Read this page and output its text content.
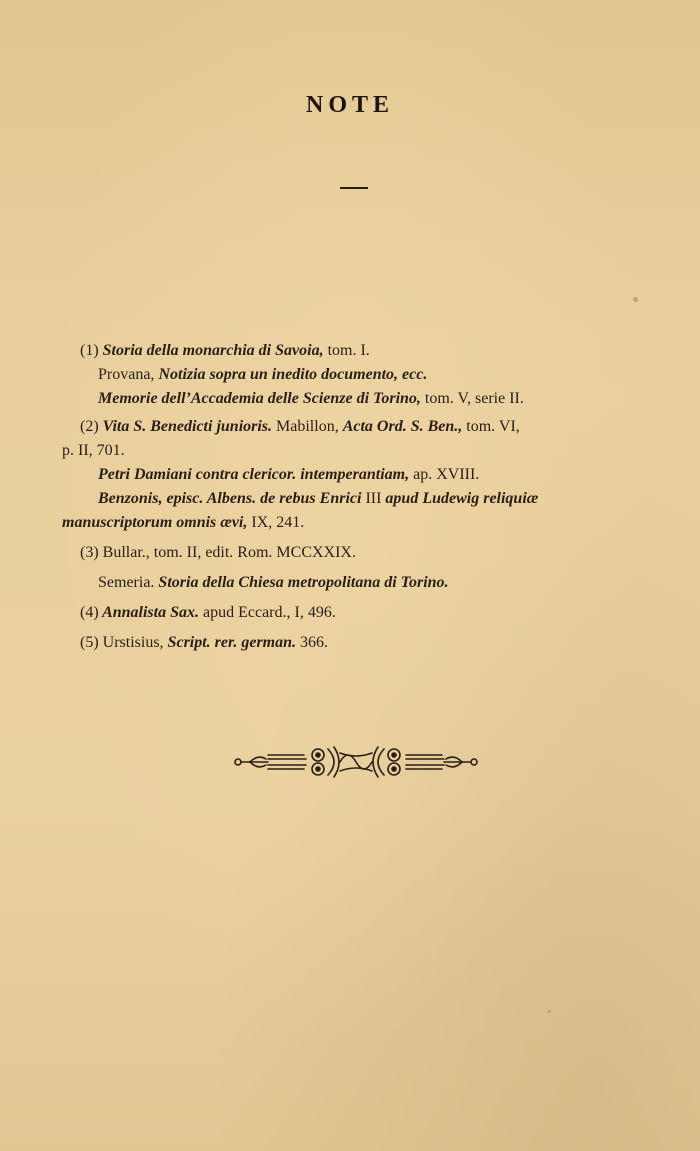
NOTE
(1) Storia della monarchia di Savoia, tom. I.
Provana, Notizia sopra un inedito documento, ecc.
Memorie dell’Accademia delle Scienze di Torino, tom. V, serie II.
(2) Vita S. Benedicti junioris. Mabillon, Acta Ord. S. Ben., tom. VI,
p. II, 701.
Petri Damiani contra clericor. intemperantiam, ap. XVIII.
Benzonis, episc. Albens. de rebus Enrici III apud Ludewig reliquiæ
manuscriptorum omnis ævi, IX, 241.
(3) Bullar., tom. II, edit. Rom. MCCXXIX.
Semeria. Storia della Chiesa metropolitana di Torino.
(4) Annalista Sax. apud Eccard., I, 496.
(5) Urstisius, Script. rer. german. 366.
